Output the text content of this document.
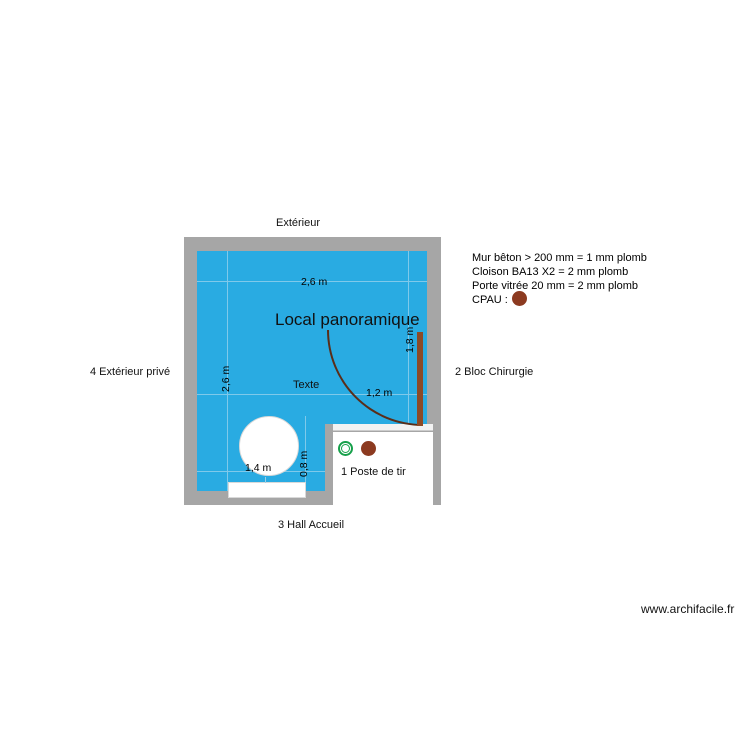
Local panoramique
Texte
Extérieur
4 Extérieur privé	2 Bloc Chirurgie
3 Hall Accueil
1 Poste de tir
2,6 m
2,6 m
1,2 m
1,8 m
1,4 m	0,8 m
Mur bêton > 200 mm = 1 mm plomb
Cloison BA13 X2 = 2 mm plomb
Porte vitrée 20 mm = 2 mm plomb
CPAU :
www.archifacile.fr
